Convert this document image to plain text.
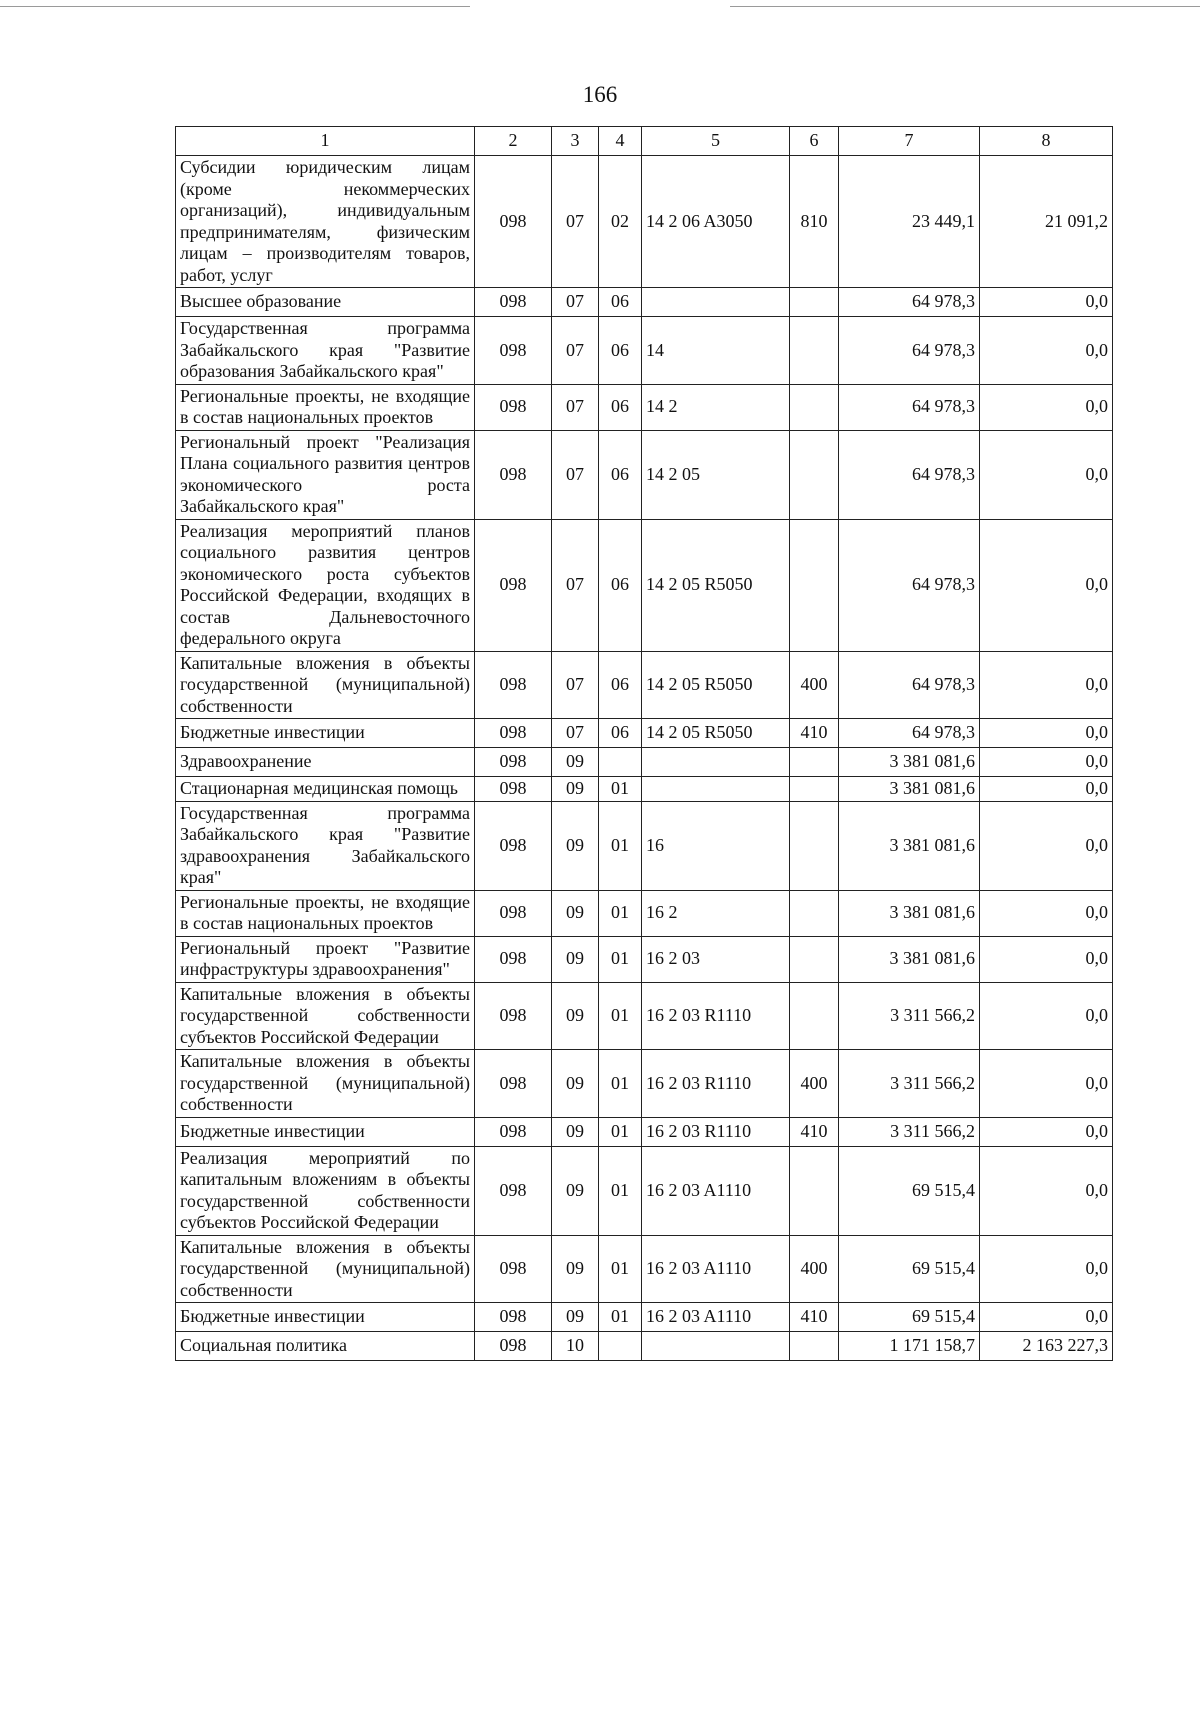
166
1	2	3	4	5	6	7	8
Субсидии юридическим лицам (кроме некоммерческих организаций), индивидуальным предпринимателям, физическим лицам – производителям товаров, работ, услуг	098	07	02	14 2 06 A3050	810	23 449,1	21 091,2
Высшее образование	098	07	06			64 978,3	0,0
Государственная программа Забайкальского края "Развитие образования Забайкальского края"	098	07	06	14		64 978,3	0,0
Региональные проекты, не входящие в состав национальных проектов	098	07	06	14 2		64 978,3	0,0
Региональный проект "Реализация Плана социального развития центров экономического роста Забайкальского края"	098	07	06	14 2 05		64 978,3	0,0
Реализация мероприятий планов социального развития центров экономического роста субъектов Российской Федерации, входящих в состав Дальневосточного федерального округа	098	07	06	14 2 05 R5050		64 978,3	0,0
Капитальные вложения в объекты государственной (муниципальной) собственности	098	07	06	14 2 05 R5050	400	64 978,3	0,0
Бюджетные инвестиции	098	07	06	14 2 05 R5050	410	64 978,3	0,0
Здравоохранение	098	09				3 381 081,6	0,0
Стационарная медицинская помощь	098	09	01			3 381 081,6	0,0
Государственная программа Забайкальского края "Развитие здравоохранения Забайкальского края"	098	09	01	16		3 381 081,6	0,0
Региональные проекты, не входящие в состав национальных проектов	098	09	01	16 2		3 381 081,6	0,0
Региональный проект "Развитие инфраструктуры здравоохранения"	098	09	01	16 2 03		3 381 081,6	0,0
Капитальные вложения в объекты государственной собственности субъектов Российской Федерации	098	09	01	16 2 03 R1110		3 311 566,2	0,0
Капитальные вложения в объекты государственной (муниципальной) собственности	098	09	01	16 2 03 R1110	400	3 311 566,2	0,0
Бюджетные инвестиции	098	09	01	16 2 03 R1110	410	3 311 566,2	0,0
Реализация мероприятий по капитальным вложениям в объекты государственной собственности субъектов Российской Федерации	098	09	01	16 2 03 A1110		69 515,4	0,0
Капитальные вложения в объекты государственной (муниципальной) собственности	098	09	01	16 2 03 A1110	400	69 515,4	0,0
Бюджетные инвестиции	098	09	01	16 2 03 A1110	410	69 515,4	0,0
Социальная политика	098	10				1 171 158,7	2 163 227,3
